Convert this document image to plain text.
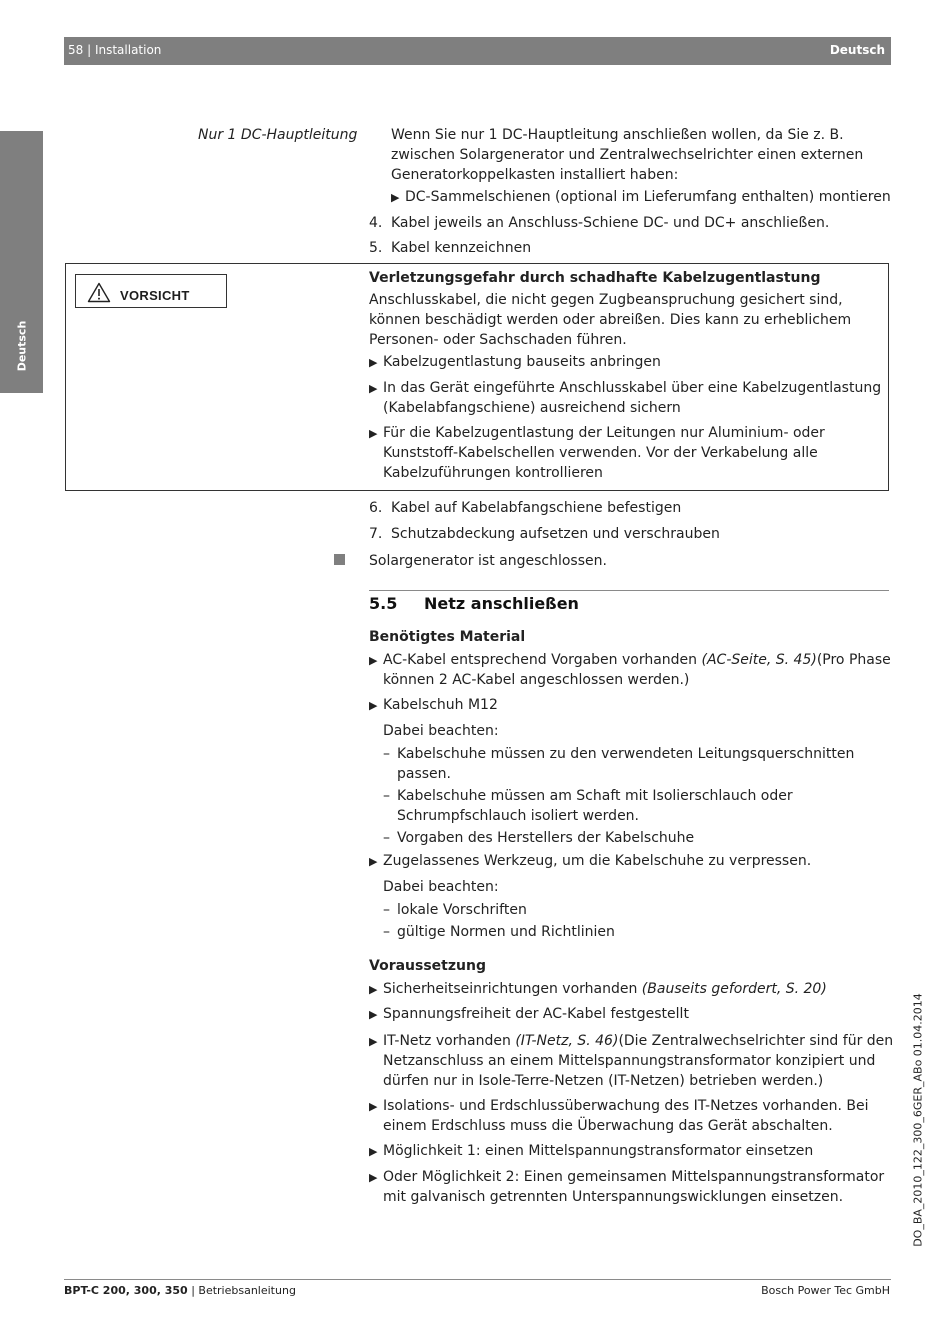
58 | Installation	Deutsch
Deutsch
Nur 1 DC-Hauptleitung Wenn Sie nur 1 DC-Hauptleitung anschließen wollen, da Sie z. B.
zwischen Solargenerator und Zentralwechselrichter einen externen
Generatorkoppelkasten installiert haben:
▶ DC-Sammelschienen (optional im Lieferumfang enthalten) montieren
4. Kabel jeweils an Anschluss-Schiene DC- und DC+ anschließen.
5. Kabel kennzeichnen
VORSICHT
Verletzungsgefahr durch schadhafte Kabelzugentlastung
Anschlusskabel, die nicht gegen Zugbeanspruchung gesichert sind,
können beschädigt werden oder abreißen. Dies kann zu erheblichem
Personen- oder Sachschaden führen.
▶ Kabelzugentlastung bauseits anbringen
▶ In das Gerät eingeführte Anschlusskabel über eine Kabelzugentlastung
(Kabelabfangschiene) ausreichend sichern
▶ Für die Kabelzugentlastung der Leitungen nur Aluminium- oder
Kunststoff-Kabelschellen verwenden. Vor der Verkabelung alle
Kabelzuführungen kontrollieren
6. Kabel auf Kabelabfangschiene befestigen
7. Schutzabdeckung aufsetzen und verschrauben
Solargenerator ist angeschlossen.
5.5 Netz anschließen
Benötigtes Material
▶ AC-Kabel entsprechend Vorgaben vorhanden (AC-Seite, S. 45)(Pro Phase
können 2 AC-Kabel angeschlossen werden.)
▶ Kabelschuh M12
Dabei beachten:
– Kabelschuhe müssen zu den verwendeten Leitungsquerschnitten
passen.
– Kabelschuhe müssen am Schaft mit Isolierschlauch oder
Schrumpfschlauch isoliert werden.
– Vorgaben des Herstellers der Kabelschuhe
▶ Zugelassenes Werkzeug, um die Kabelschuhe zu verpressen.
Dabei beachten:
– lokale Vorschriften
– gültige Normen und Richtlinien
Voraussetzung
▶ Sicherheitseinrichtungen vorhanden (Bauseits gefordert, S. 20)
▶ Spannungsfreiheit der AC-Kabel festgestellt
▶ IT-Netz vorhanden (IT-Netz, S. 46)(Die Zentralwechselrichter sind für den
Netzanschluss an einem Mittelspannungstransformator konzipiert und
dürfen nur in Isole-Terre-Netzen (IT-Netzen) betrieben werden.)
▶ Isolations- und Erdschlussüberwachung des IT-Netzes vorhanden. Bei
einem Erdschluss muss die Überwachung das Gerät abschalten.
▶ Möglichkeit 1: einen Mittelspannungstransformator einsetzen
▶ Oder Möglichkeit 2: Einen gemeinsamen Mittelspannungstransformator
mit galvanisch getrennten Unterspannungswicklungen einsetzen.	DO_BA_2010_122_300_6GER_ABo 01.04.2014
BPT-C 200, 300, 350 | Betriebsanleitung	Bosch Power Tec GmbH
